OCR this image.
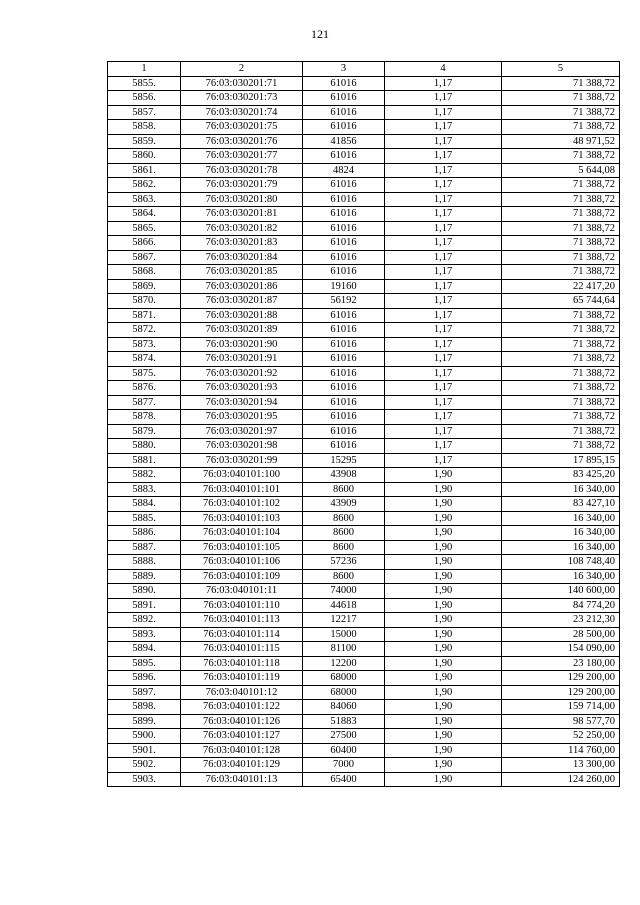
121
1	2	3	4	5
5855.	76:03:030201:71	61016	1,17	71 388,72
5856.	76:03:030201:73	61016	1,17	71 388,72
5857.	76:03:030201:74	61016	1,17	71 388,72
5858.	76:03:030201:75	61016	1,17	71 388,72
5859.	76:03:030201:76	41856	1,17	48 971,52
5860.	76:03:030201:77	61016	1,17	71 388,72
5861.	76:03:030201:78	4824	1,17	5 644,08
5862.	76:03:030201:79	61016	1,17	71 388,72
5863.	76:03:030201:80	61016	1,17	71 388,72
5864.	76:03:030201:81	61016	1,17	71 388,72
5865.	76:03:030201:82	61016	1,17	71 388,72
5866.	76:03:030201:83	61016	1,17	71 388,72
5867.	76:03:030201:84	61016	1,17	71 388,72
5868.	76:03:030201:85	61016	1,17	71 388,72
5869.	76:03:030201:86	19160	1,17	22 417,20
5870.	76:03:030201:87	56192	1,17	65 744,64
5871.	76:03:030201:88	61016	1,17	71 388,72
5872.	76:03:030201:89	61016	1,17	71 388,72
5873.	76:03:030201:90	61016	1,17	71 388,72
5874.	76:03:030201:91	61016	1,17	71 388,72
5875.	76:03:030201:92	61016	1,17	71 388,72
5876.	76:03:030201:93	61016	1,17	71 388,72
5877.	76:03:030201:94	61016	1,17	71 388,72
5878.	76:03:030201:95	61016	1,17	71 388,72
5879.	76:03:030201:97	61016	1,17	71 388,72
5880.	76:03:030201:98	61016	1,17	71 388,72
5881.	76:03:030201:99	15295	1,17	17 895,15
5882.	76:03:040101:100	43908	1,90	83 425,20
5883.	76:03:040101:101	8600	1,90	16 340,00
5884.	76:03:040101:102	43909	1,90	83 427,10
5885.	76:03:040101:103	8600	1,90	16 340,00
5886.	76:03:040101:104	8600	1,90	16 340,00
5887.	76:03:040101:105	8600	1,90	16 340,00
5888.	76:03:040101:106	57236	1,90	108 748,40
5889.	76:03:040101:109	8600	1,90	16 340,00
5890.	76:03:040101:11	74000	1,90	140 600,00
5891.	76:03:040101:110	44618	1,90	84 774,20
5892.	76:03:040101:113	12217	1,90	23 212,30
5893.	76:03:040101:114	15000	1,90	28 500,00
5894.	76:03:040101:115	81100	1,90	154 090,00
5895.	76:03:040101:118	12200	1,90	23 180,00
5896.	76:03:040101:119	68000	1,90	129 200,00
5897.	76:03:040101:12	68000	1,90	129 200,00
5898.	76:03:040101:122	84060	1,90	159 714,00
5899.	76:03:040101:126	51883	1,90	98 577,70
5900.	76:03:040101:127	27500	1,90	52 250,00
5901.	76:03:040101:128	60400	1,90	114 760,00
5902.	76:03:040101:129	7000	1,90	13 300,00
5903.	76:03:040101:13	65400	1,90	124 260,00
